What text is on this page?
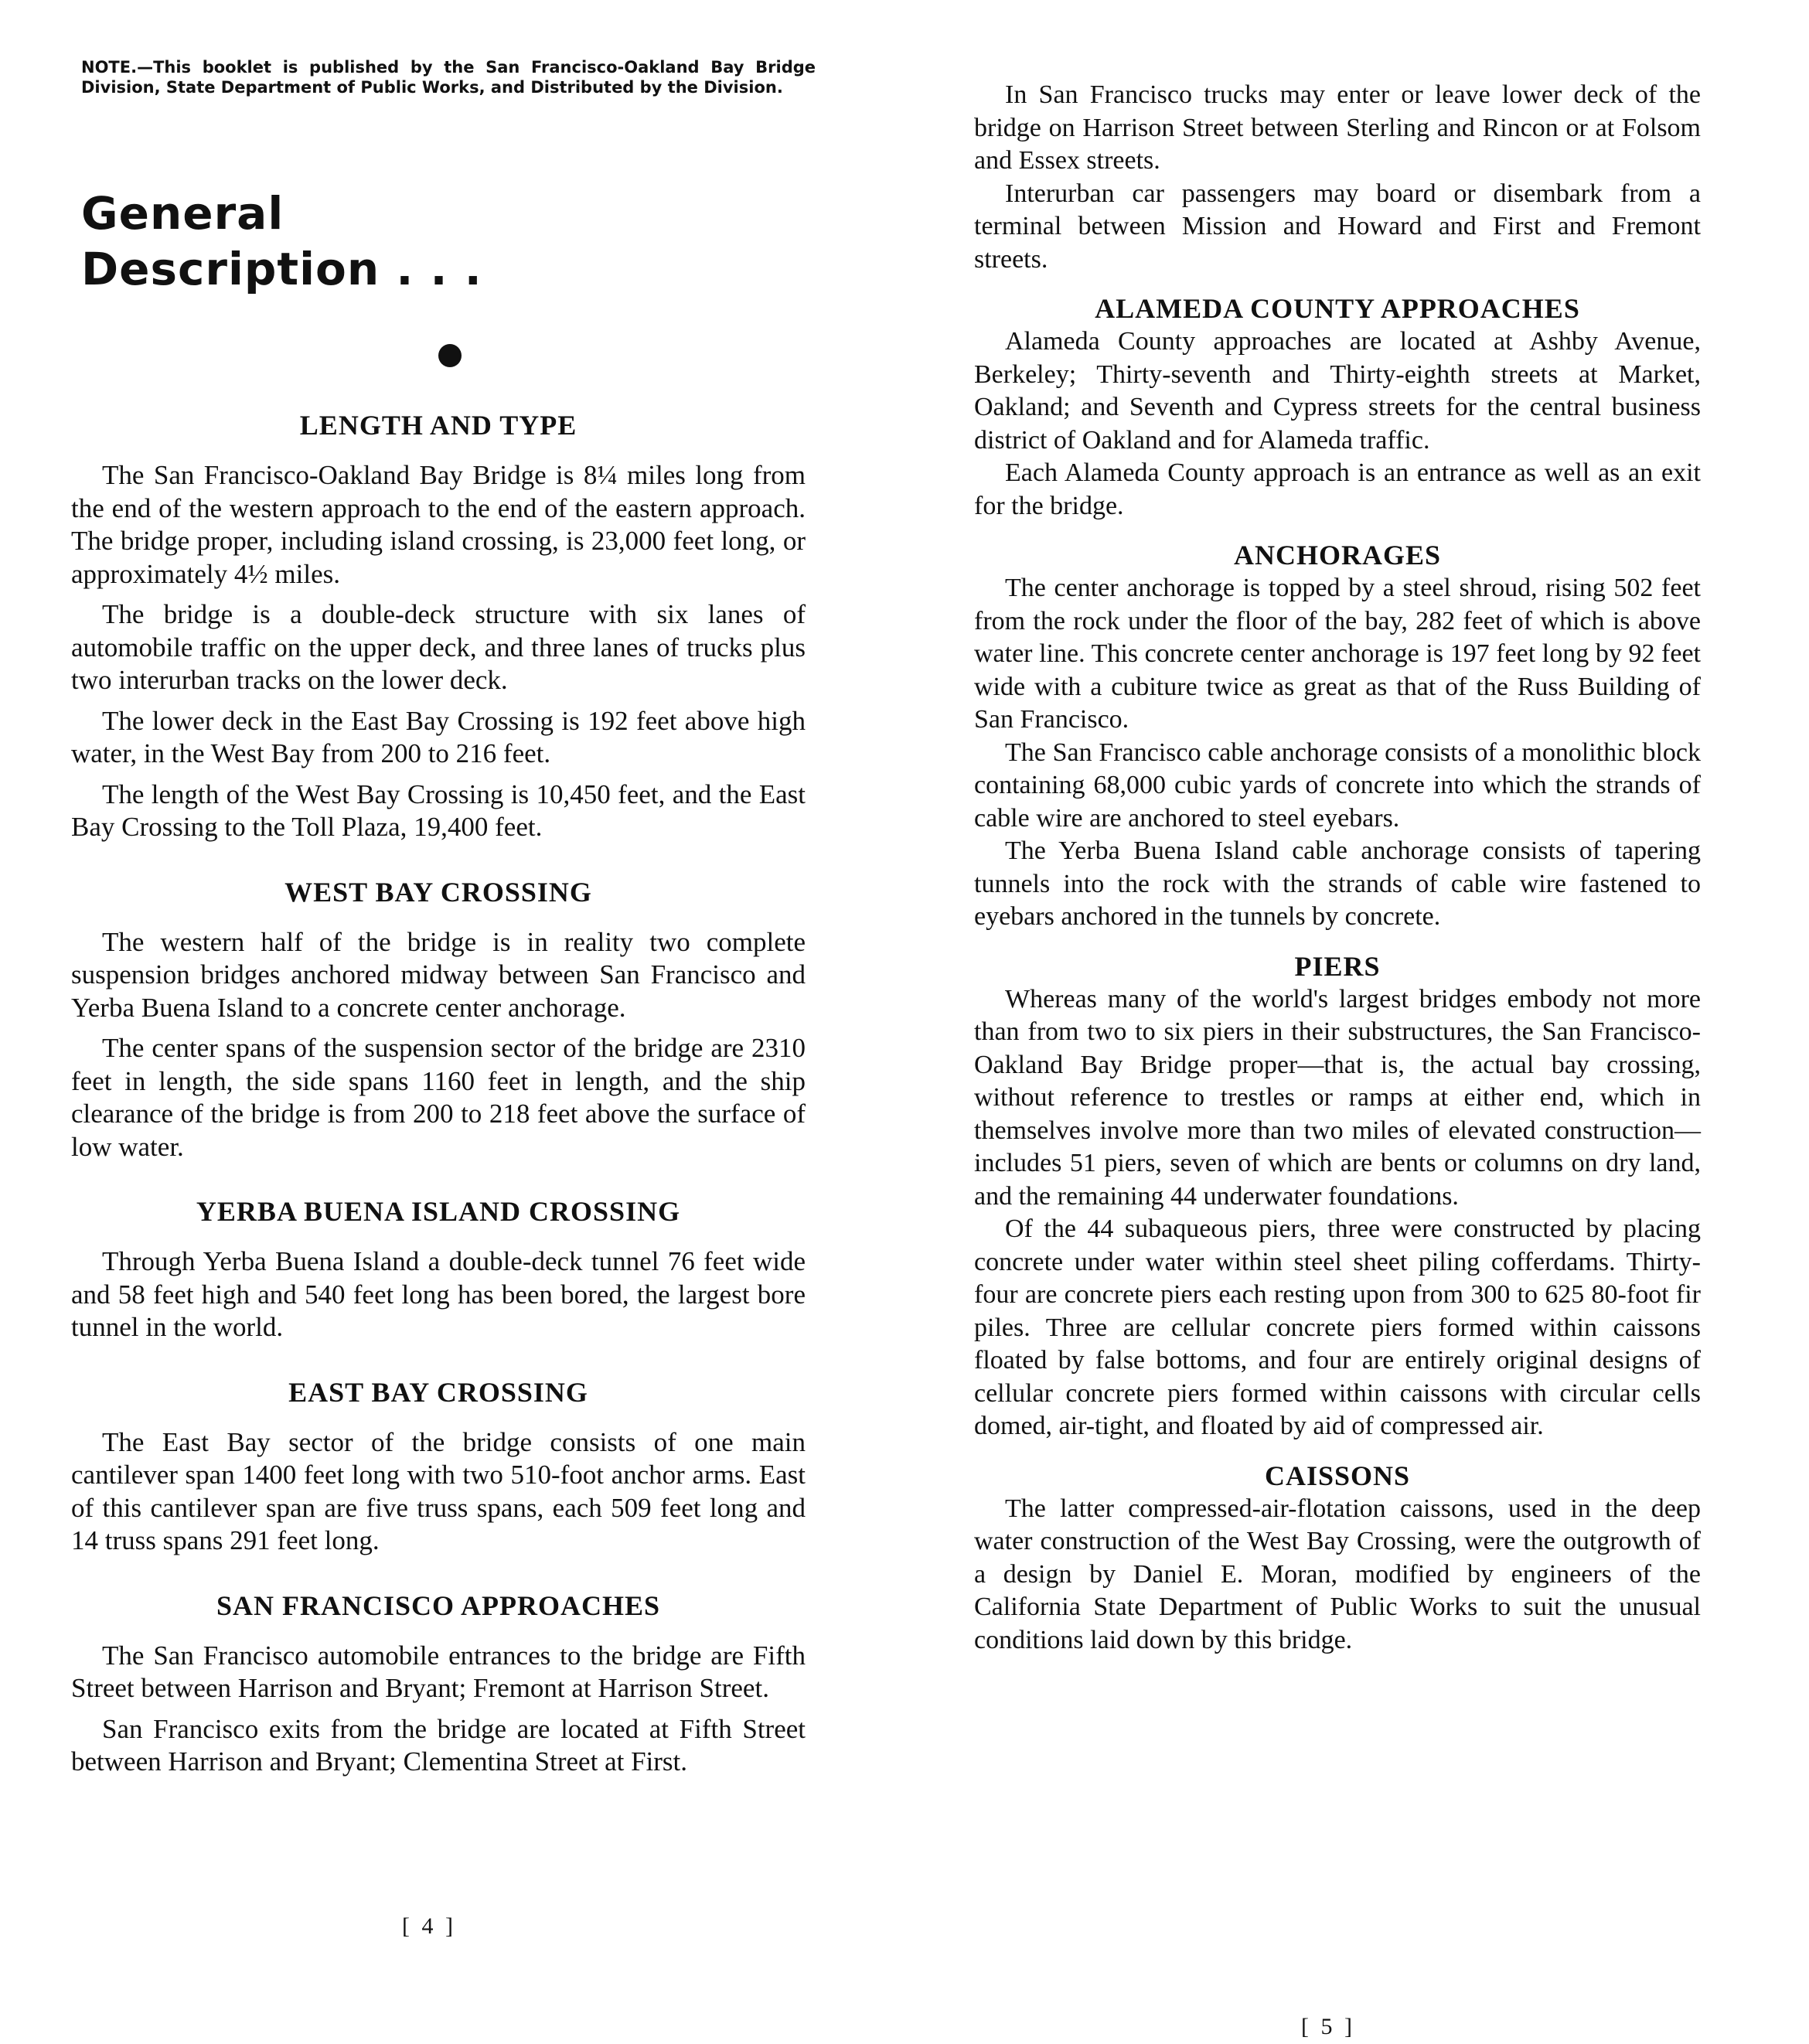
NOTE.—This booklet is published by the San Francisco-Oakland Bay Bridge Division, State Department of Public Works, and Distributed by the Division.
General
Description . . .
LENGTH AND TYPE

The San Francisco-Oakland Bay Bridge is 8¼ miles long from the end of the western approach to the end of the eastern approach. The bridge proper, including island crossing, is 23,000 feet long, or approximately 4½ miles.

The bridge is a double-deck structure with six lanes of automobile traffic on the upper deck, and three lanes of trucks plus two interurban tracks on the lower deck.

The lower deck in the East Bay Crossing is 192 feet above high water, in the West Bay from 200 to 216 feet.

The length of the West Bay Crossing is 10,450 feet, and the East Bay Crossing to the Toll Plaza, 19,400 feet.

WEST BAY CROSSING

The western half of the bridge is in reality two complete suspension bridges anchored midway between San Francisco and Yerba Buena Island to a concrete center anchorage.

The center spans of the suspension sector of the bridge are 2310 feet in length, the side spans 1160 feet in length, and the ship clearance of the bridge is from 200 to 218 feet above the surface of low water.

YERBA BUENA ISLAND CROSSING

Through Yerba Buena Island a double-deck tunnel 76 feet wide and 58 feet high and 540 feet long has been bored, the largest bore tunnel in the world.

EAST BAY CROSSING

The East Bay sector of the bridge consists of one main cantilever span 1400 feet long with two 510-foot anchor arms. East of this cantilever span are five truss spans, each 509 feet long and 14 truss spans 291 feet long.

SAN FRANCISCO APPROACHES

The San Francisco automobile entrances to the bridge are Fifth Street between Harrison and Bryant; Fremont at Harrison Street.

San Francisco exits from the bridge are located at Fifth Street between Harrison and Bryant; Clementina Street at First.

[ 4 ]

In San Francisco trucks may enter or leave lower deck of the bridge on Harrison Street between Sterling and Rincon or at Folsom and Essex streets.

Interurban car passengers may board or disembark from a terminal between Mission and Howard and First and Fremont streets.

ALAMEDA COUNTY APPROACHES

Alameda County approaches are located at Ashby Avenue, Berkeley; Thirty-seventh and Thirty-eighth streets at Market, Oakland; and Seventh and Cypress streets for the central business district of Oakland and for Alameda traffic.

Each Alameda County approach is an entrance as well as an exit for the bridge.

ANCHORAGES

The center anchorage is topped by a steel shroud, rising 502 feet from the rock under the floor of the bay, 282 feet of which is above water line. This concrete center anchorage is 197 feet long by 92 feet wide with a cubiture twice as great as that of the Russ Building of San Francisco.

The San Francisco cable anchorage consists of a monolithic block containing 68,000 cubic yards of concrete into which the strands of cable wire are anchored to steel eyebars.

The Yerba Buena Island cable anchorage consists of tapering tunnels into the rock with the strands of cable wire fastened to eyebars anchored in the tunnels by concrete.

PIERS

Whereas many of the world's largest bridges embody not more than from two to six piers in their substructures, the San Francisco-Oakland Bay Bridge proper—that is, the actual bay crossing, without reference to trestles or ramps at either end, which in themselves involve more than two miles of elevated construction—includes 51 piers, seven of which are bents or columns on dry land, and the remaining 44 underwater foundations.

Of the 44 subaqueous piers, three were constructed by placing concrete under water within steel sheet piling cofferdams. Thirty-four are concrete piers each resting upon from 300 to 625 80-foot fir piles. Three are cellular concrete piers formed within caissons floated by false bottoms, and four are entirely original designs of cellular concrete piers formed within caissons with circular cells domed, air-tight, and floated by aid of compressed air.

CAISSONS

The latter compressed-air-flotation caissons, used in the deep water construction of the West Bay Crossing, were the outgrowth of a design by Daniel E. Moran, modified by engineers of the California State Department of Public Works to suit the unusual conditions laid down by this bridge.

[ 5 ]
